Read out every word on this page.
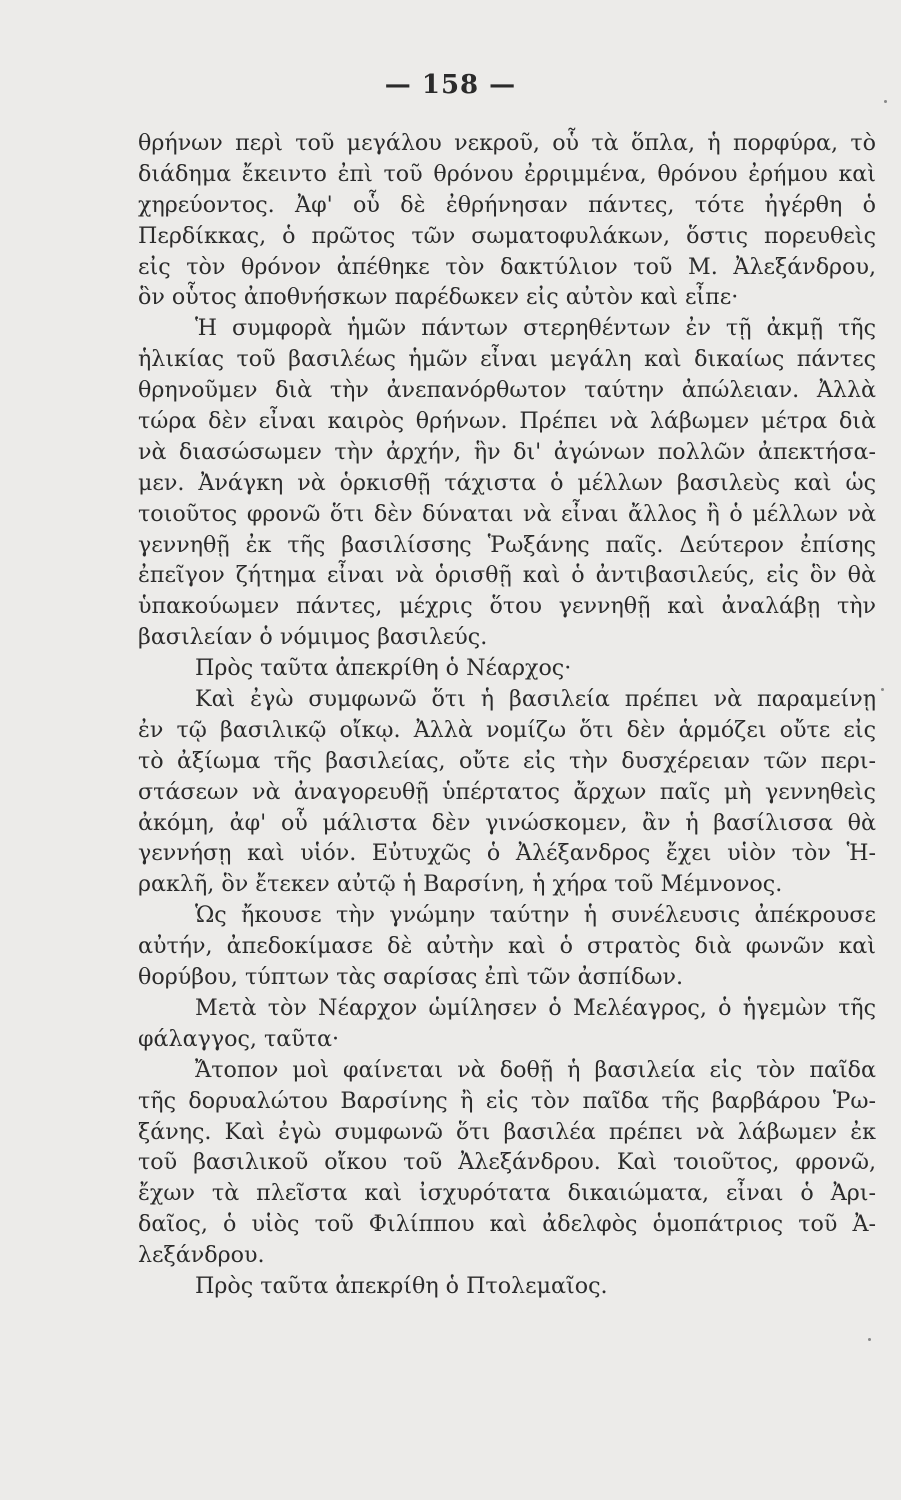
— 158 —
θρήνων περὶ τοῦ μεγάλου νεκροῦ, οὗ τὰ ὅπλα, ἡ πορφύρα, τὸ
διάδημα ἔκειντο ἐπὶ τοῦ θρόνου ἐρριμμένα, θρόνου ἐρήμου καὶ
χηρεύοντος. Ἀφ' οὗ δὲ ἐθρήνησαν πάντες, τότε ἠγέρθη ὁ
Περδίκκας, ὁ πρῶτος τῶν σωματοφυλάκων, ὅστις πορευθεὶς
εἰς τὸν θρόνον ἀπέθηκε τὸν δακτύλιον τοῦ Μ. Ἀλεξάνδρου,
ὃν οὗτος ἀποθνήσκων παρέδωκεν εἰς αὐτὸν καὶ εἶπε·
Ἡ συμφορὰ ἡμῶν πάντων στερηθέντων ἐν τῇ ἀκμῇ τῆς
ἡλικίας τοῦ βασιλέως ἡμῶν εἶναι μεγάλη καὶ δικαίως πάντες
θρηνοῦμεν διὰ τὴν ἀνεπανόρθωτον ταύτην ἀπώλειαν. Ἀλλὰ
τώρα δὲν εἶναι καιρὸς θρήνων. Πρέπει νὰ λάβωμεν μέτρα διὰ
νὰ διασώσωμεν τὴν ἀρχήν, ἣν δι' ἀγώνων πολλῶν ἀπεκτήσα-
μεν. Ἀνάγκη νὰ ὁρκισθῇ τάχιστα ὁ μέλλων βασιλεὺς καὶ ὡς
τοιοῦτος φρονῶ ὅτι δὲν δύναται νὰ εἶναι ἄλλος ἢ ὁ μέλλων νὰ
γεννηθῇ ἐκ τῆς βασιλίσσης Ῥωξάνης παῖς. Δεύτερον ἐπίσης
ἐπεῖγον ζήτημα εἶναι νὰ ὁρισθῇ καὶ ὁ ἀντιβασιλεύς, εἰς ὃν θὰ
ὑπακούωμεν πάντες, μέχρις ὅτου γεννηθῇ καὶ ἀναλάβῃ τὴν
βασιλείαν ὁ νόμιμος βασιλεύς.
Πρὸς ταῦτα ἀπεκρίθη ὁ Νέαρχος·
Καὶ ἐγὼ συμφωνῶ ὅτι ἡ βασιλεία πρέπει νὰ παραμείνῃ
ἐν τῷ βασιλικῷ οἴκῳ. Ἀλλὰ νομίζω ὅτι δὲν ἁρμόζει οὔτε εἰς
τὸ ἀξίωμα τῆς βασιλείας, οὔτε εἰς τὴν δυσχέρειαν τῶν περι-
στάσεων νὰ ἀναγορευθῇ ὑπέρτατος ἄρχων παῖς μὴ γεννηθεὶς
ἀκόμη, ἀφ' οὗ μάλιστα δὲν γινώσκομεν, ἂν ἡ βασίλισσα θὰ
γεννήσῃ καὶ υἱόν. Εὐτυχῶς ὁ Ἀλέξανδρος ἔχει υἱὸν τὸν Ἡ-
ρακλῆ, ὃν ἔτεκεν αὐτῷ ἡ Βαρσίνη, ἡ χήρα τοῦ Μέμνονος.
Ὡς ἤκουσε τὴν γνώμην ταύτην ἡ συνέλευσις ἀπέκρουσε
αὐτήν, ἀπεδοκίμασε δὲ αὐτὴν καὶ ὁ στρατὸς διὰ φωνῶν καὶ
θορύβου, τύπτων τὰς σαρίσας ἐπὶ τῶν ἀσπίδων.
Μετὰ τὸν Νέαρχον ὡμίλησεν ὁ Μελέαγρος, ὁ ἡγεμὼν τῆς
φάλαγγος, ταῦτα·
Ἄτοπον μοὶ φαίνεται νὰ δοθῇ ἡ βασιλεία εἰς τὸν παῖδα
τῆς δορυαλώτου Βαρσίνης ἢ εἰς τὸν παῖδα τῆς βαρβάρου Ῥω-
ξάνης. Καὶ ἐγὼ συμφωνῶ ὅτι βασιλέα πρέπει νὰ λάβωμεν ἐκ
τοῦ βασιλικοῦ οἴκου τοῦ Ἀλεξάνδρου. Καὶ τοιοῦτος, φρονῶ,
ἔχων τὰ πλεῖστα καὶ ἰσχυρότατα δικαιώματα, εἶναι ὁ Ἀρι-
δαῖος, ὁ υἱὸς τοῦ Φιλίππου καὶ ἀδελφὸς ὁμοπάτριος τοῦ Ἀ-
λεξάνδρου.
Πρὸς ταῦτα ἀπεκρίθη ὁ Πτολεμαῖος.
